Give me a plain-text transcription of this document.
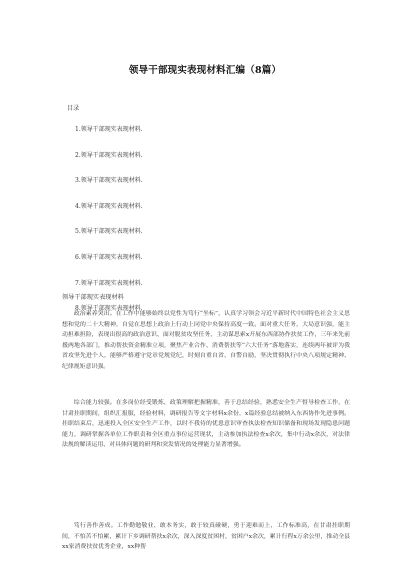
领导干部现实表现材料汇编（8篇）
目录
1.领导干部现实表现材料.
2.领导干部现实表现材料.
3.领导干部现实表现材料.
4.领导干部现实表现材料.
5.领导干部现实表现材料.
6.领导干部现实表现材料.
7.领导干部现实表现材料.
8.领导干部现实表现材料.
领导干部现实表现材料

政治素养突出。在工作中能够始终以党性为笃行“坐标”，认真学习领会习近平新时代中国特色社会主义思想和党的二十大精神，自觉在思想上政治上行动上同党中央保持高度一致。面对重大任务，大局意识强，能主动担难担险，表现出很高的政治意识、面对脱贫攻坚任务，主动谋思索x开展东西部协作扶贫工作，三年来先前援两地各部门，推动帮扶资金精准立项，聚焦产业合作、消费帮扶等“六大任务”落地落实，连续两年被评为我省攻坚先进个人，能够严格遵守党章党规党纪，时刻自重自省、自警自励，坚决贯彻执行中央八项规定精神、纪律规矩意识强。

综合能力较强。在多岗位经受锻炼，政策理解把握精准，善于总结经验，熟悉安全生产督导检查工作，在甘肃挂职期间，组织汇报服，经验材料，调研报告等文字材料x余份，x篇经验总结被纳入东西协作先进事例。挂职结束后，迅速投入全区安全生产工作，以时不我待的优患意识审查执法检查知识储备和现场发现隐患问题能力，调研掌握各单位工作职责和全区重点事位运营现状，主动参加执法检查x余次，集中行动x余次，对法律法规的解读运用、对具体问题的研判和突发情况的处理能力显著增强。

笃行善作善成。工作勤勉敬业、敢本务实，敢于较真碰硬，勇于迎难而上，工作标准高，在甘肃挂职期间，不怕苦不怕累，累计下乡调研帮扶x余次，深入深度贫困村，贫困户x余次，累计行程x万余公里，推动全县xx家消费扶贫优秀企业，xx种帮
